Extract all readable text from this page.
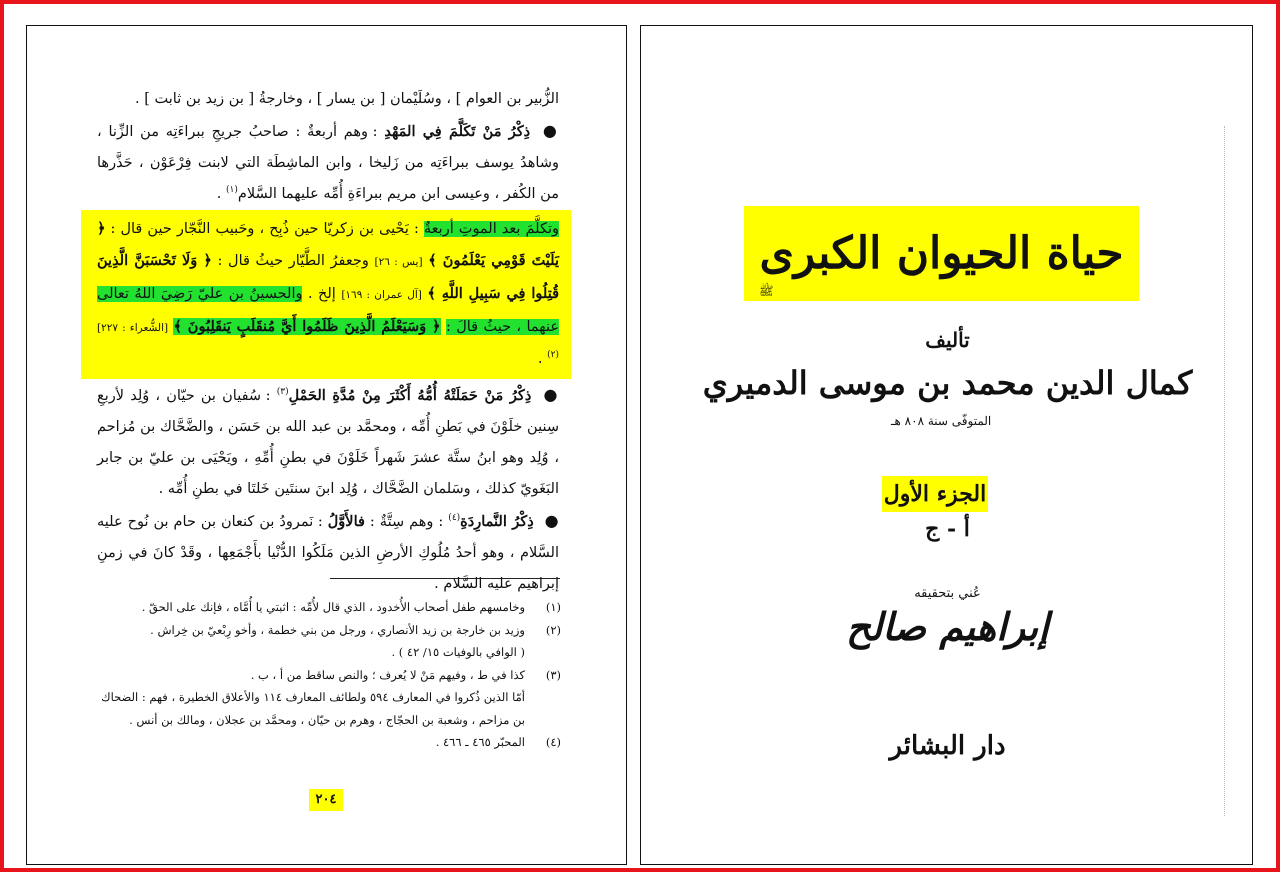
الزُّبير بن العوام ] ، وسُلَيْمان [ بن يسار ] ، وخارجةُ [ بن زيد بن ثابت ] .

● ذِكْرُ مَنْ تَكَلَّمَ فِي المَهْدِ : وهم أربعةٌ : صاحبُ جريجِ ببراءَتِه من الزِّنا ، وشاهدُ يوسف ببراءَتِه من زَليخا ، وابن الماشِطَة التي لابنت فِرْعَوْن ، حَذَّرها من الكُفر ، وعيسى ابن مريم ببراءَةِ أُمِّه عليهما السَّلام$^{(١)}$ .

وتكلَّمَ بعد الموتِ أربعةٌ : يَحْيى بن زكريّا حين ذُبِح ، وحَبيب النَّجّار حين قال : ﴿ يَلَيْتَ قَوْمِي يَعْلَمُونَ ﴾ [يس : ٢٦] وجعفرُ الطَّيّار حيثُ قال : ﴿ وَلَا تَحْسَبَنَّ الَّذِينَ قُتِلُوا فِي سَبِيلِ اللَّهِ ﴾ [آل عمران : ١٦٩] إلخ . والحسينُ بن عليّ رَضِيَ اللهُ تعالى عنهما ، حيثُ قالَ : ﴿ وَسَيَعْلَمُ الَّذِينَ ظَلَمُوا أَيَّ مُنقَلَبٍ يَنقَلِبُونَ ﴾ [الشُّعراء : ٢٢٧]$^{(٢)}$ .

● ذِكْرُ مَنْ حَمَلَتْهُ أُمُّهُ أَكْثَرَ مِنْ مُدَّةِ الحَمْلِ$^{(٣)}$ : سُفيان بن حيّان ، وُلِد لأربعِ سِنين خلَوْنَ في بَطنِ أُمِّه ، ومحمَّد بن عبد الله بن حَسَن ، والضَّحَّاك بن مُزاحم ، وُلِد وهو ابنُ ستَّة عشرَ شَهراً خَلَوْنَ في بطنِ أُمِّهِ ، ويَحْيَى بن عليّ بن جابر البَغَويّ كذلك ، وسَلمان الضَّحَّاك ، وُلِد ابنَ سنتَين خَلتَا في بطنِ أُمِّه .

● ذِكْرُ النَّمارِدَةِ$^{(٤)}$ : وهم سِتَّةٌ : فالأَوَّلُ : نَمرودُ بن كنعان بن حام بن نُوح عليه السَّلام ، وهو أحدُ مُلُوكِ الأرضِ الذين مَلَكُوا الدُّنْيا بأَجْمَعِها ، وقَدْ كانَ في زمنِ إبراهيم عليه السَّلام .

(١)
وخامسهم طفل أصحاب الأُخدود ، الذي قال لأُمِّه : اثبتي يا أُمَّاه ، فإنك على الحقّ .

(٢)
وزيد بن خارجة بن زيد الأنصاري ، ورجل من بني خطمة ، وأخو رِبْعيّ بن خِراش .

( الوافي بالوفيات ١٥/ ٤٢ ) .

(٣)
كذا في ط ، وفيهم مَنْ لا يُعرف ؛ والنص ساقط من أ ، ب .

أمّا الذين ذُكروا في المعارف ٥٩٤ ولطائف المعارف ١١٤ والأعلاق الخطيرة ، فهم : الضحاك بن مزاحم ، وشعبة بن الحجّاج ، وهرم بن حيّان ، ومحمَّد بن عجلان ، ومالك بن أنس .

(٤)
المحبّر ٤٦٥ ـ ٤٦٦ .

٢٠٤
حياة الحيوان الكبرى
ﷺ
تأليف
كمال الدين محمد بن موسى الدميري
المتوفّى سنة ٨٠٨ هـ
الجزء الأول
أ - ج
عُني بتحقيقه
إبراهيم صالح
دار البشائر
